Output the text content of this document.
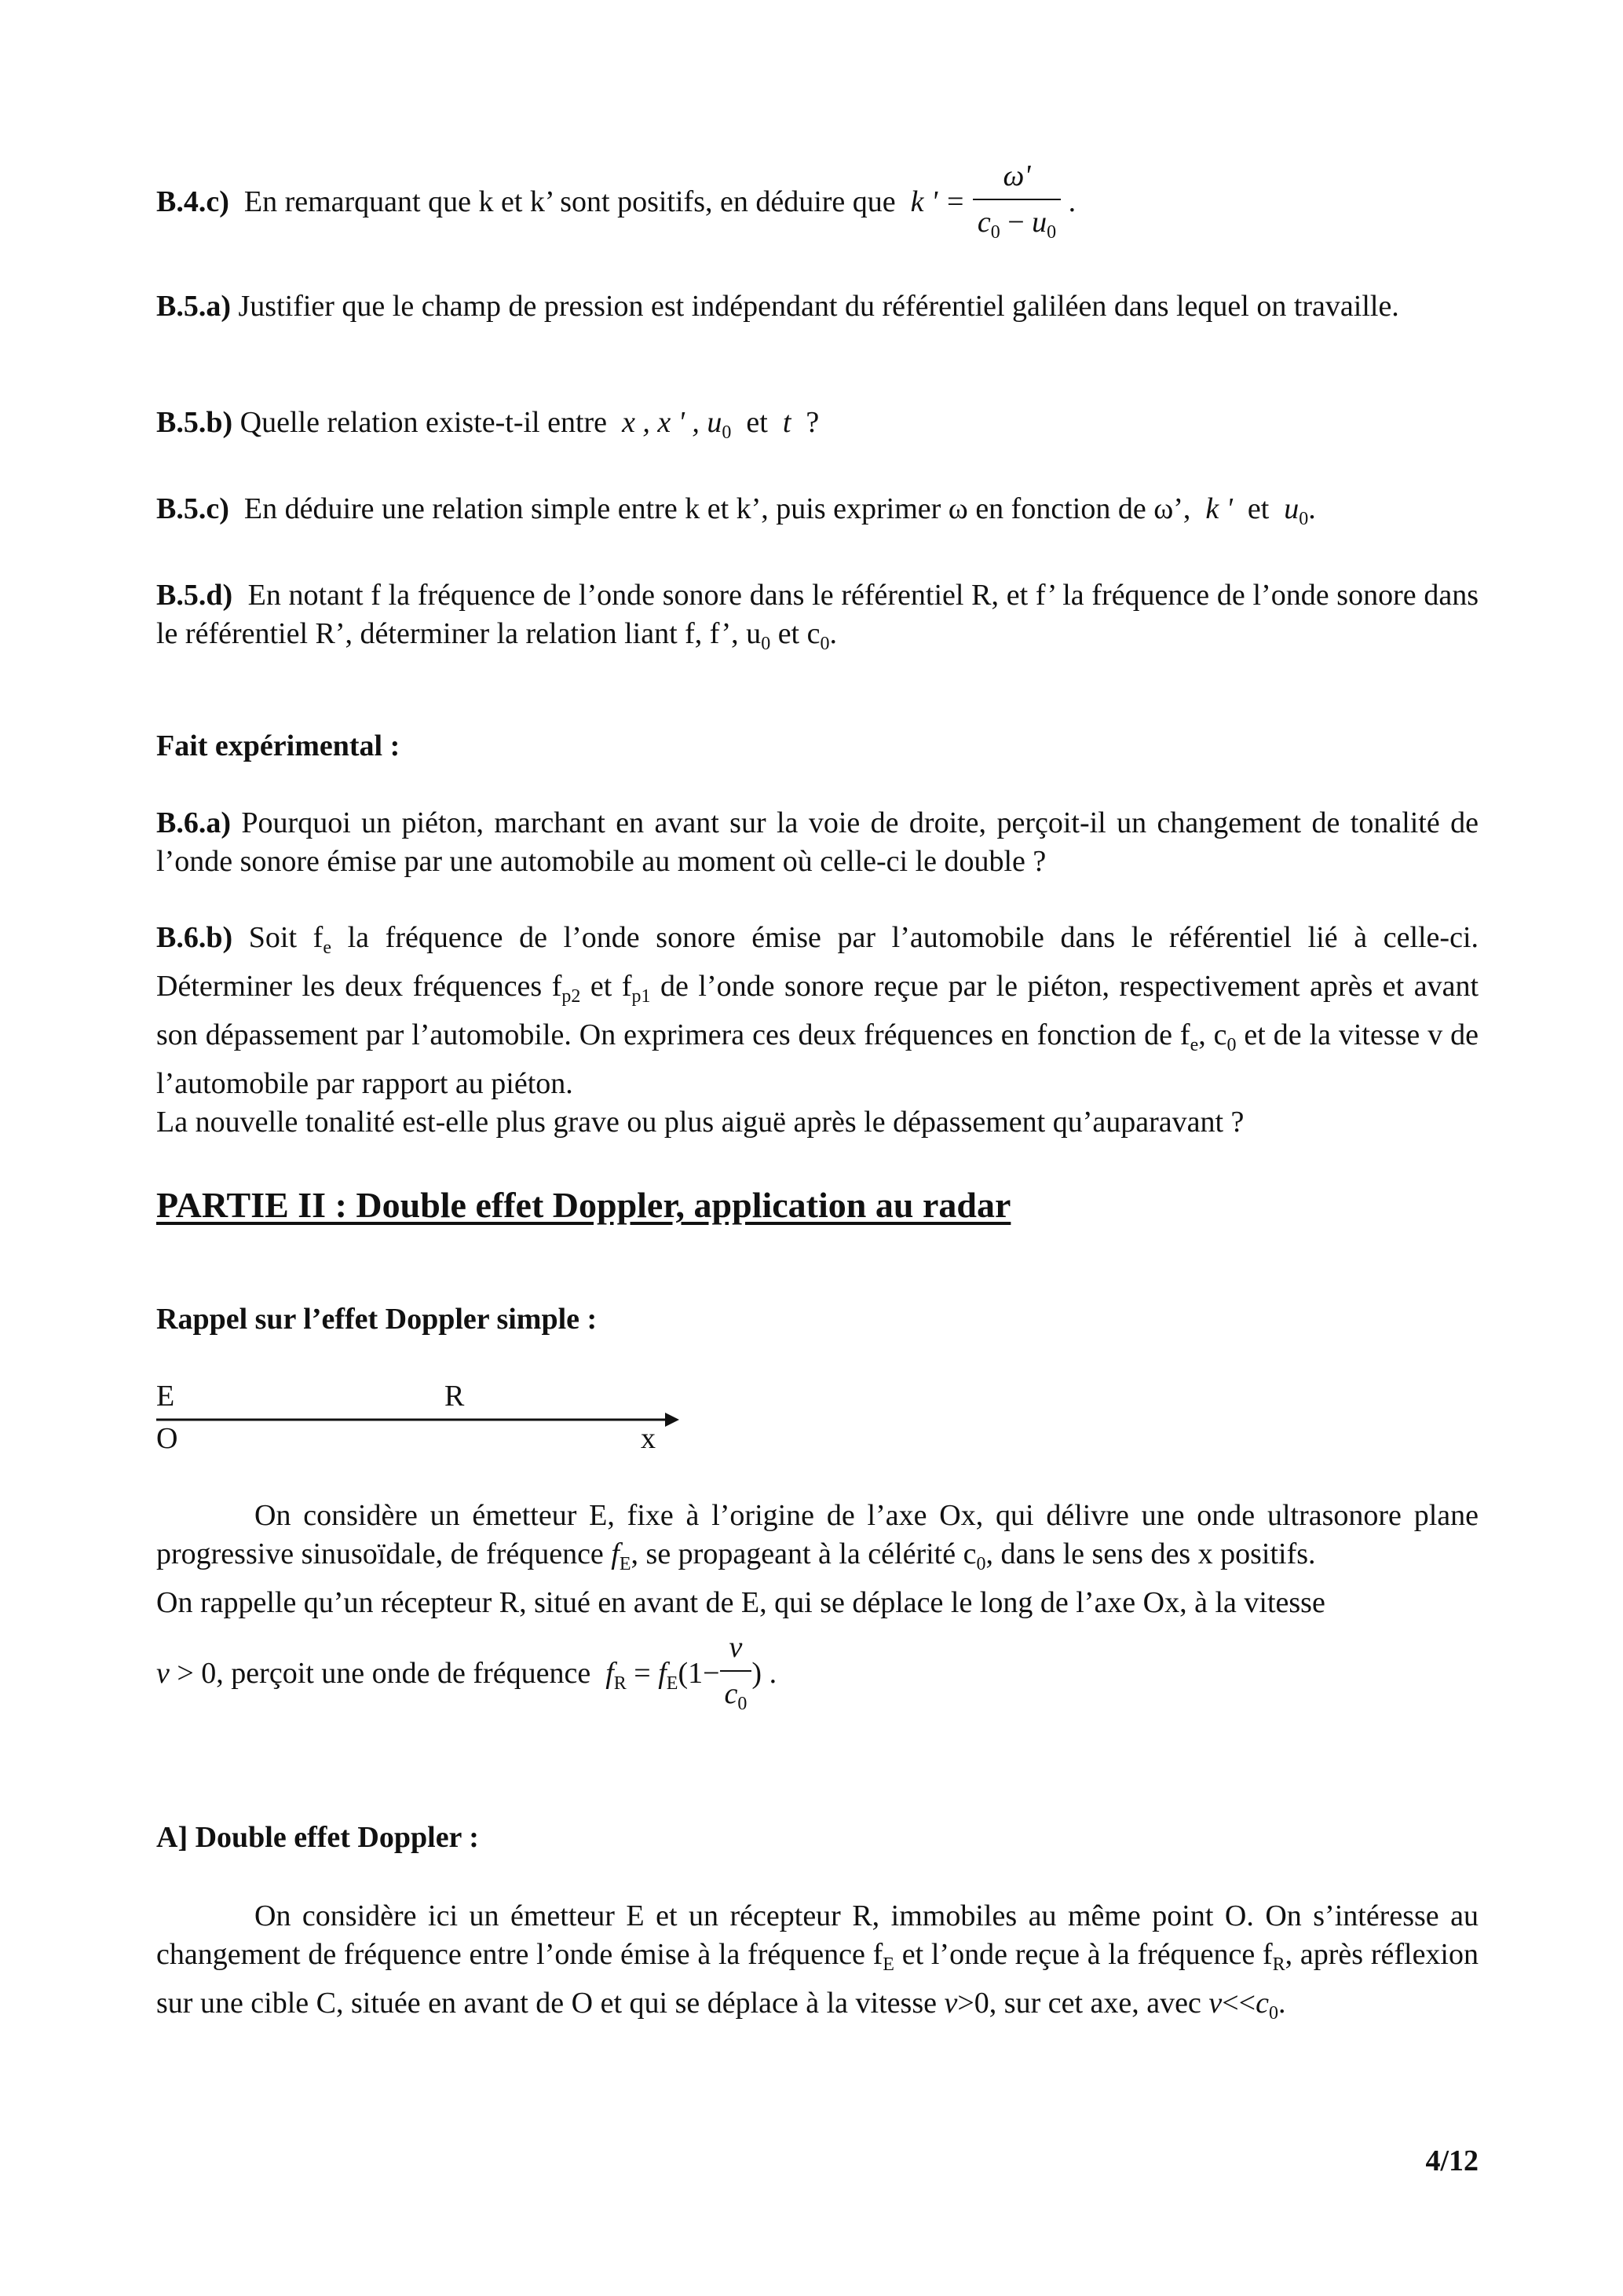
B.4.c) En remarquant que k et k’ sont positifs, en déduire que k ' = $\frac{\omega'}{c_0 - u_0}$ .
B.5.a) Justifier que le champ de pression est indépendant du référentiel galiléen dans lequel on travaille.
B.5.b) Quelle relation existe-t-il entre x , x ' , $u_0$ et t ?
B.5.c) En déduire une relation simple entre k et k’, puis exprimer ω en fonction de ω’, k ' et $u_0$.
B.5.d) En notant f la fréquence de l’onde sonore dans le référentiel R, et f’ la fréquence de l’onde sonore dans le référentiel R’, déterminer la relation liant f, f’, $u_0$ et $c_0$.
Fait expérimental :
B.6.a) Pourquoi un piéton, marchant en avant sur la voie de droite, perçoit-il un changement de tonalité de l’onde sonore émise par une automobile au moment où celle-ci le double ?

B.6.b) Soit $f_e$ la fréquence de l’onde sonore émise par l’automobile dans le référentiel lié à celle-ci. Déterminer les deux fréquences $f_{p2}$ et $f_{p1}$ de l’onde sonore reçue par le piéton, respectivement après et avant son dépassement par l’automobile. On exprimera ces deux fréquences en fonction de $f_e$, $c_0$ et de la vitesse v de l’automobile par rapport au piéton.

La nouvelle tonalité est-elle plus grave ou plus aiguë après le dépassement qu’auparavant ?

PARTIE II : Double effet Doppler, application au radar
Rappel sur l’effet Doppler simple :
E	R
O	x

On considère un émetteur E, fixe à l’origine de l’axe Ox, qui délivre une onde ultrasonore plane progressive sinusoïdale, de fréquence $f_E$, se propageant à la célérité $c_0$, dans le sens des x positifs.

On rappelle qu’un récepteur R, situé en avant de E, qui se déplace le long de l’axe Ox, à la vitesse

v > 0, perçoit une onde de fréquence $f_R = f_E(1- \frac{v}{c_0}$ ) .

A] Double effet Doppler :

On considère ici un émetteur E et un récepteur R, immobiles au même point O. On s’intéresse au changement de fréquence entre l’onde émise à la fréquence $f_E$ et l’onde reçue à la fréquence $f_R$, après réflexion sur une cible C, située en avant de O et qui se déplace à la vitesse v>0, sur cet axe, avec $v<<c_0$.

4/12
